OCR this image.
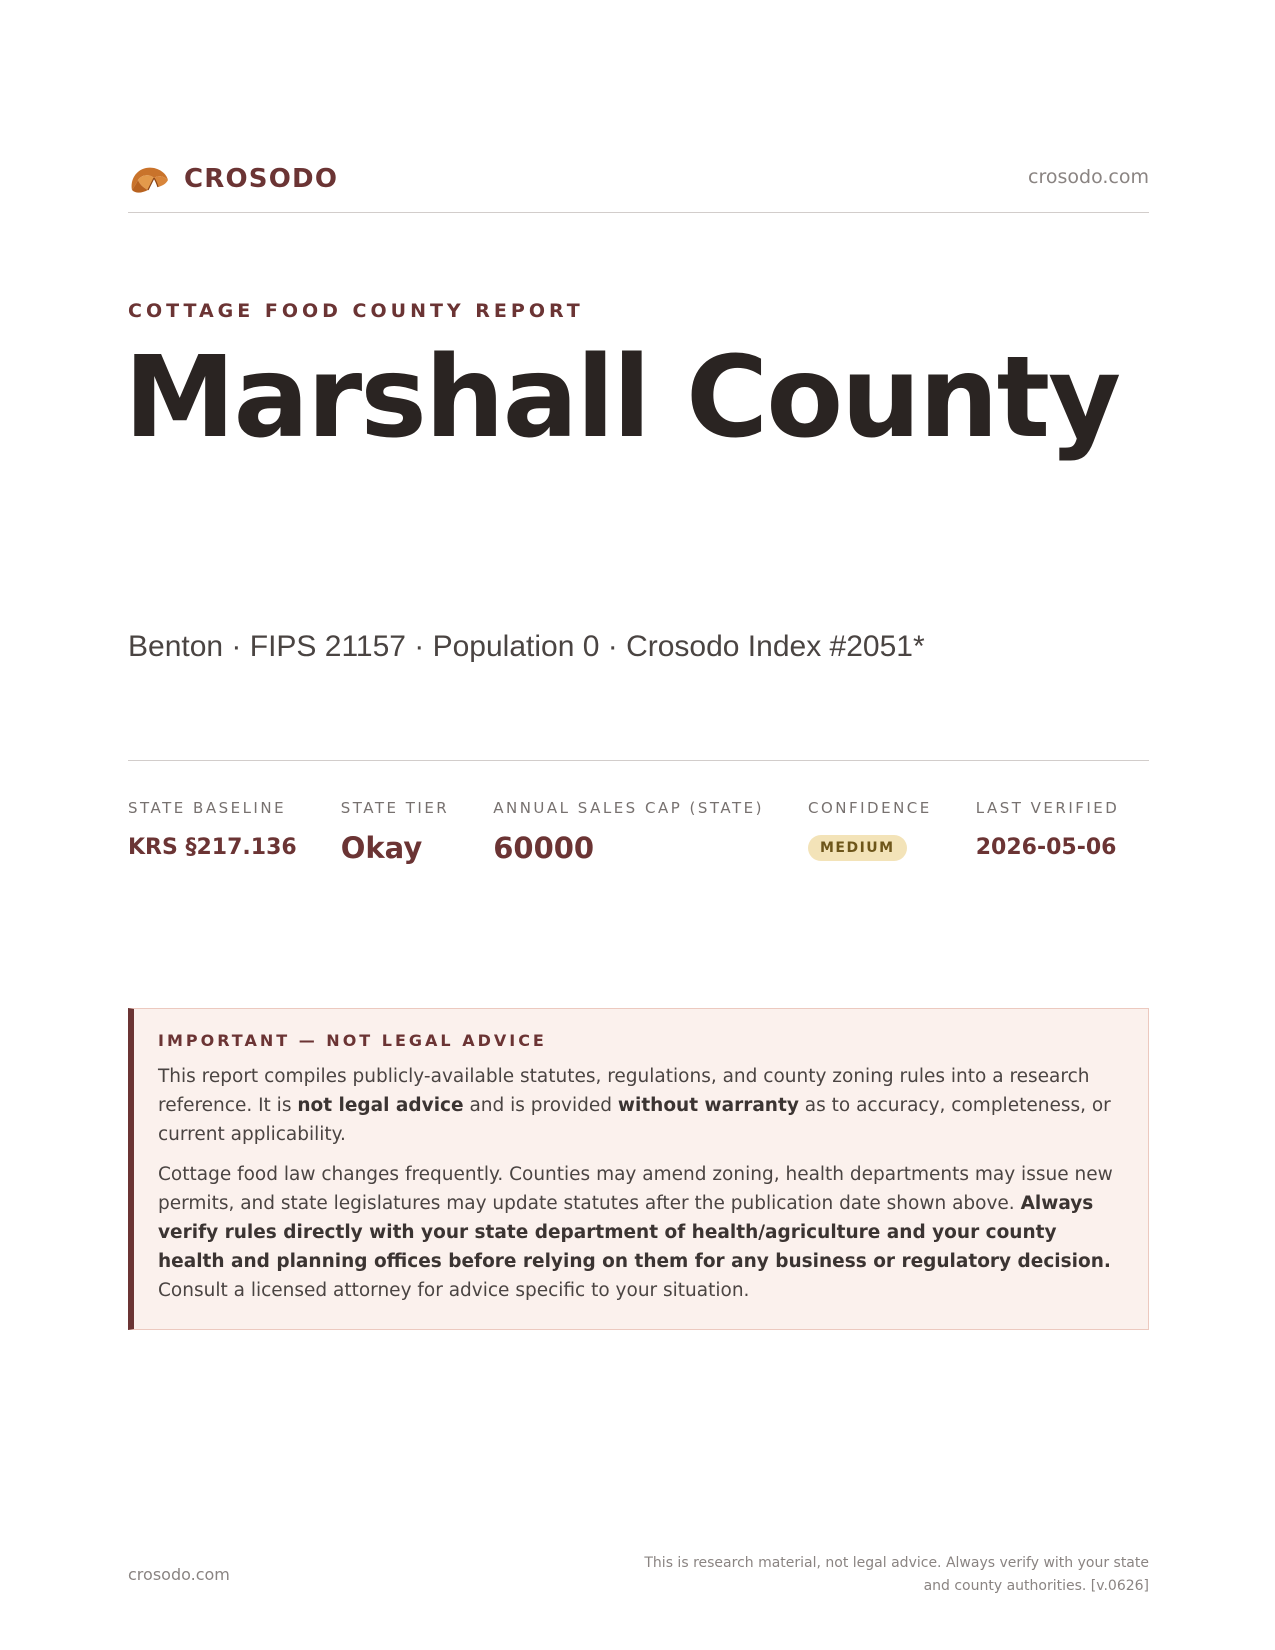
CROSODO	crosodo.com
COTTAGE FOOD COUNTY REPORT
Marshall County
Benton · FIPS 21157 · Population 0 · Crosodo Index #2051*
STATE BASELINE
KRS §217.136
STATE TIER
Okay
ANNUAL SALES CAP (STATE)
60000
CONFIDENCE
MEDIUM
LAST VERIFIED
2026-05-06
IMPORTANT — NOT LEGAL ADVICE

This report compiles publicly-available statutes, regulations, and county zoning rules into a research reference. It is not legal advice and is provided without warranty as to accuracy, completeness, or current applicability.

Cottage food law changes frequently. Counties may amend zoning, health departments may issue new permits, and state legislatures may update statutes after the publication date shown above. Always verify rules directly with your state department of health/agriculture and your county health and planning offices before relying on them for any business or regulatory decision. Consult a licensed attorney for advice specific to your situation.

crosodo.com
This is research material, not legal advice. Always verify with your state
and county authorities. [v.0626]
